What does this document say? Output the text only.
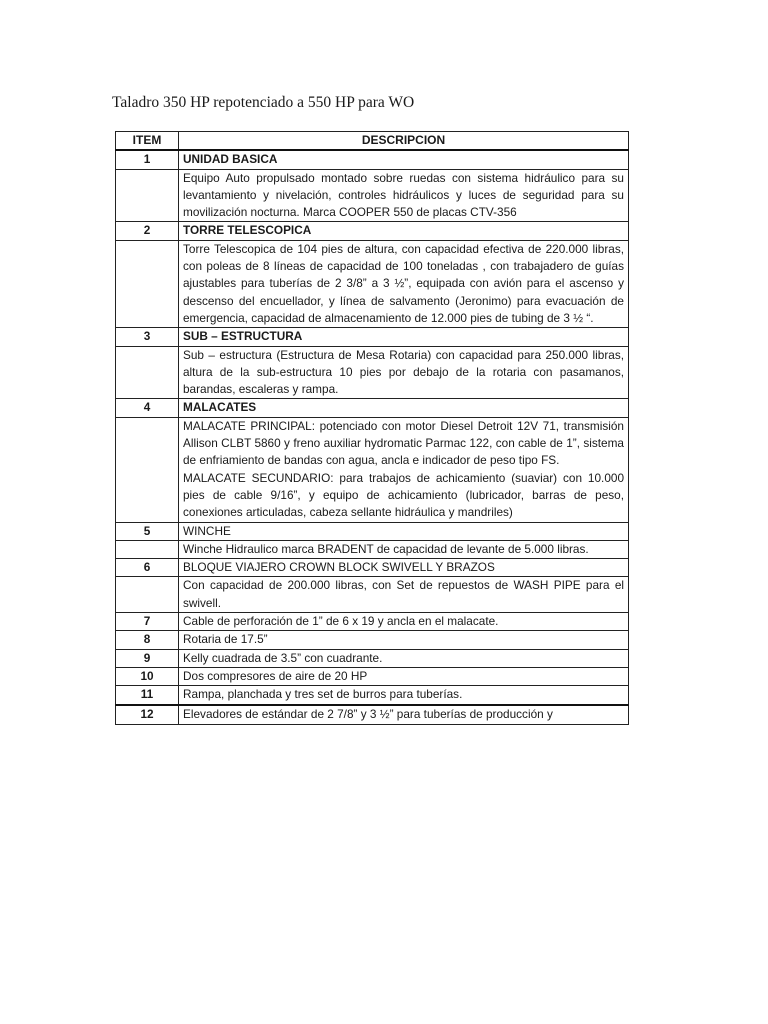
Taladro 350 HP repotenciado a 550 HP para WO
ITEM	DESCRIPCION
1	UNIDAD BASICA

	Equipo Auto propulsado montado sobre ruedas con sistema hidráulico para su levantamiento y nivelación, controles hidráulicos y luces de seguridad para su movilización nocturna. Marca COOPER 550 de placas CTV-356

2	TORRE TELESCOPICA

	Torre Telescopica de 104 pies de altura, con capacidad efectiva de 220.000 libras, con poleas de 8 líneas de capacidad de 100 toneladas , con trabajadero de guías ajustables para tuberías de 2 3/8” a 3 ½”, equipada con avión para el ascenso y descenso del encuellador, y línea de salvamento (Jeronimo) para evacuación de emergencia, capacidad de almacenamiento de 12.000 pies de tubing de 3 ½ “.

3	SUB – ESTRUCTURA

	Sub – estructura (Estructura de Mesa Rotaria) con capacidad para 250.000 libras, altura de la sub-estructura 10 pies por debajo de la rotaria con pasamanos, barandas, escaleras y rampa.

4	MALACATES

	MALACATE PRINCIPAL: potenciado con motor Diesel Detroit 12V 71, transmisión Allison CLBT 5860 y freno auxiliar hydromatic Parmac 122, con cable de 1”, sistema de enfriamiento de bandas con agua, ancla e indicador de peso tipo FS.

MALACATE SECUNDARIO: para trabajos de achicamiento (suaviar) con 10.000 pies de cable 9/16”, y equipo de achicamiento (lubricador, barras de peso, conexiones articuladas, cabeza sellante hidráulica y mandriles)

5	WINCHE

	Winche Hidraulico marca BRADENT de capacidad de levante de 5.000 libras.

6	BLOQUE VIAJERO CROWN BLOCK SWIVELL Y BRAZOS

	Con capacidad de 200.000 libras, con Set de repuestos de WASH PIPE para el swivell.

7	Cable de perforación de 1” de 6 x 19 y ancla en el malacate.
8	Rotaria de 17.5”
9	Kelly cuadrada de 3.5” con cuadrante.
10	Dos compresores de aire de 20 HP
11	Rampa, planchada y tres set de burros para tuberías.
12	Elevadores de estándar de 2 7/8” y 3 ½” para tuberías de producción y
